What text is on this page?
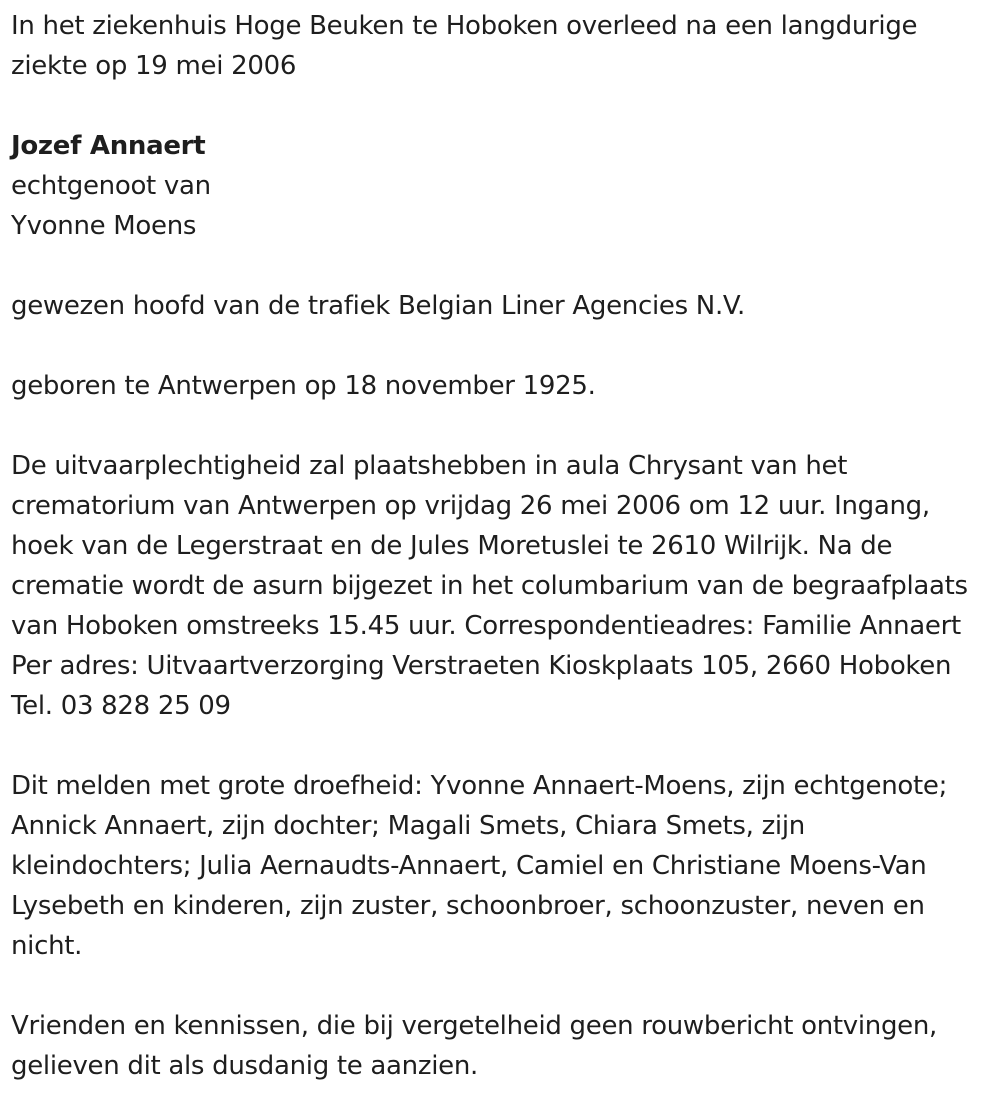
In het ziekenhuis Hoge Beuken te Hoboken overleed na een langdurige ziekte op 19 mei 2006

Jozef Annaert

echtgenoot van

Yvonne Moens

gewezen hoofd van de trafiek Belgian Liner Agencies N.V.

geboren te Antwerpen op 18 november 1925.

De uitvaarplechtigheid zal plaatshebben in aula Chrysant van het crematorium van Antwerpen op vrijdag 26 mei 2006 om 12 uur. Ingang, hoek van de Legerstraat en de Jules Moretuslei te 2610 Wilrijk. Na de crematie wordt de asurn bijgezet in het columbarium van de begraafplaats van Hoboken omstreeks 15.45 uur. Correspondentieadres: Familie Annaert Per adres: Uitvaartverzorging Verstraeten Kioskplaats 105, 2660 Hoboken Tel. 03 828 25 09

Dit melden met grote droefheid: Yvonne Annaert-Moens, zijn echtgenote; Annick Annaert, zijn dochter; Magali Smets, Chiara Smets, zijn kleindochters; Julia Aernaudts-Annaert, Camiel en Christiane Moens-Van Lysebeth en kinderen, zijn zuster, schoonbroer, schoonzuster, neven en nicht.

Vrienden en kennissen, die bij vergetelheid geen rouwbericht ontvingen, gelieven dit als dusdanig te aanzien.
